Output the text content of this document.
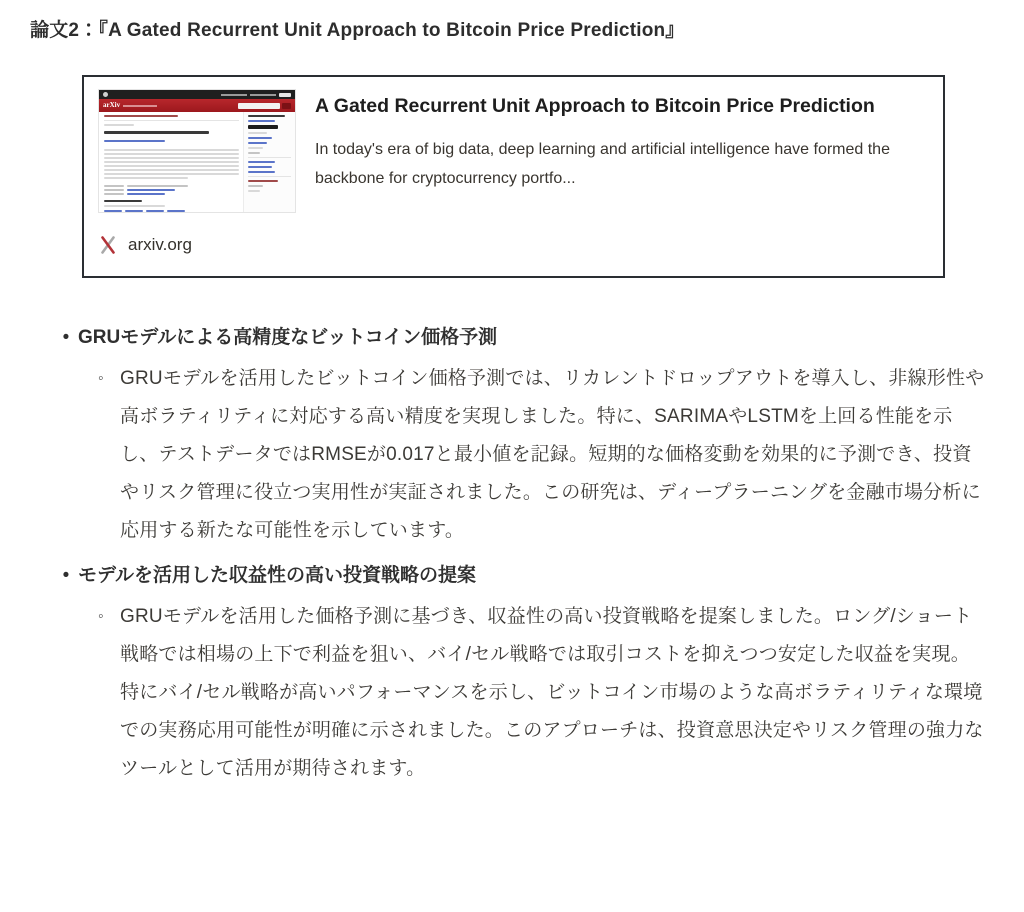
論文2：『A Gated Recurrent Unit Approach to Bitcoin Price Prediction』
arXiv
arxiv.org
A Gated Recurrent Unit Approach to Bitcoin Price Prediction
In today's era of big data, deep learning and artificial intelligence have formed the backbone for cryptocurrency portfo...
• GRUモデルによる高精度なビットコイン価格予測
◦ GRUモデルを活用したビットコイン価格予測では、リカレントドロップアウトを導入し、非線形性や高ボラティリティに対応する高い精度を実現しました。特に、SARIMAやLSTMを上回る性能を示し、テストデータではRMSEが0.017と最小値を記録。短期的な価格変動を効果的に予測でき、投資やリスク管理に役立つ実用性が実証されました。この研究は、ディープラーニングを金融市場分析に応用する新たな可能性を示しています。
• モデルを活用した収益性の高い投資戦略の提案
◦ GRUモデルを活用した価格予測に基づき、収益性の高い投資戦略を提案しました。ロング/ショート戦略では相場の上下で利益を狙い、バイ/セル戦略では取引コストを抑えつつ安定した収益を実現。特にバイ/セル戦略が高いパフォーマンスを示し、ビットコイン市場のような高ボラティリティな環境での実務応用可能性が明確に示されました。このアプローチは、投資意思決定やリスク管理の強力なツールとして活用が期待されます。
